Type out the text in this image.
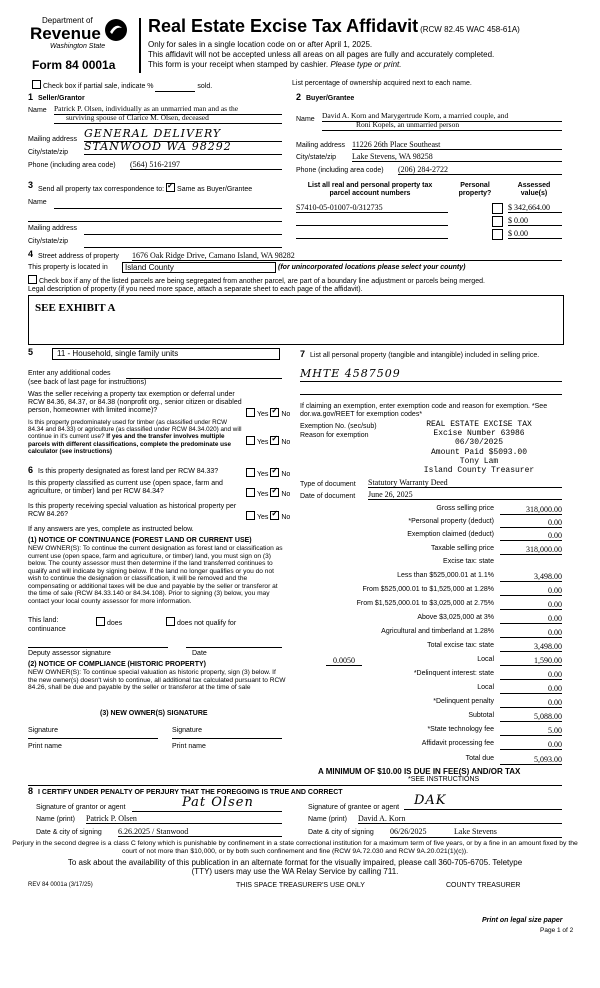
Department of
Revenue
Washington State
Form 84 0001a
Real Estate Excise Tax Affidavit (RCW 82.45 WAC 458-61A)
Only for sales in a single location code on or after April 1, 2025.
This affidavit will not be accepted unless all areas on all pages are fully and accurately completed.
This form is your receipt when stamped by cashier. Please type or print.
Check box if partial sale, indicate %	sold.	List percentage of ownership acquired next to each name.
1 Seller/Grantor
Name Patrick P. Olsen, individually as an unmarried man and as the
surviving spouse of Clarice M. Olsen, deceased
Mailing address GENERAL DELIVERY
City/state/zip STANWOOD WA 98292
Phone (including area code) (564) 516-2197
2 Buyer/Grantee
Name David A. Korn and Marygertrude Korn, a married couple, and
Roni Kopels, an unmarried person
Mailing address 11226 26th Place Southeast
City/state/zip Lake Stevens, WA 98258
Phone (including area code) (206) 284-2722
3 Send all property tax correspondence to: ✓ Same as Buyer/Grantee
Name
Mailing address
City/state/zip
List all real and personal property tax parcel account numbers
Personal property?
Assessed value(s)
S7410-05-01007-0/312735	$ 342,664.00
$ 0.00
$ 0.00
4 Street address of property 1676 Oak Ridge Drive, Camano Island, WA 98282
This property is located in	Island County	(for unincorporated locations please select your county)
Check box if any of the listed parcels are being segregated from another parcel, are part of a boundary line adjustment or parcels being merged.
Legal description of property (if you need more space, attach a separate sheet to each page of the affidavit).
SEE EXHIBIT A
5	11 - Household, single family units
Enter any additional codes
(see back of last page for instructions)
Was the seller receiving a property tax exemption or deferral under RCW 84.36, 84.37, or 84.38 (nonprofit org., senior citizen or disabled person, homeowner with limited income)?
Yes ✓ No
Is this property predominately used for timber (as classified under RCW 84.34 and 84.33) or agriculture (as classified under RCW 84.34.020) and will continue in it's current use? If yes and the transfer involves multiple parcels with different classifications, complete the predominate use calculator (see instructions)
Yes ✓ No
6 Is this property designated as forest land per RCW 84.33?	Yes ✓ No
Is this property classified as current use (open space, farm and agriculture, or timber) land per RCW 84.34?	Yes ✓ No
Is this property receiving special valuation as historical property per RCW 84.26?	Yes ✓ No
If any answers are yes, complete as instructed below.
(1) NOTICE OF CONTINUANCE (FOREST LAND OR CURRENT USE)
NEW OWNER(S): To continue the current designation as forest land or classification as current use (open space, farm and agriculture, or timber) land, you must sign on (3) below. The county assessor must then determine if the land transferred continues to qualify and will indicate by signing below. If the land no longer qualifies or you do not wish to continue the designation or classification, it will be removed and the compensating or additional taxes will be due and payable by the seller or transferor at the time of sale (RCW 84.33.140 or 84.34.108). Prior to signing (3) below, you may contact your local county assessor for more information.
This land:	does	does not qualify for
continuance
Deputy assessor signature	Date
(2) NOTICE OF COMPLIANCE (HISTORIC PROPERTY)
NEW OWNER(S): To continue special valuation as historic property, sign (3) below. If the new owner(s) doesn't wish to continue, all additional tax calculated pursuant to RCW 84.26, shall be due and payable by the seller or transferor at the time of sale
(3) NEW OWNER(S) SIGNATURE
Signature	Signature
Print name	Print name
7 List all personal property (tangible and intangible) included in selling price.
MHTE 4587509
If claiming an exemption, enter exemption code and reason for exemption. *See dor.wa.gov/REET for exemption codes*
Exemption No. (sec/sub)
Reason for exemption
REAL ESTATE EXCISE TAX
Excise Number 63986
06/30/2025
Amount Paid $5093.00
Tony Lam
Island County Treasurer
Type of document Statutory Warranty Deed
Date of document June 26, 2025
Gross selling price	318,000.00
*Personal property (deduct)	0.00
Exemption claimed (deduct)	0.00
Taxable selling price	318,000.00
Excise tax: state
Less than $525,000.01 at 1.1%	3,498.00
From $525,000.01 to $1,525,000 at 1.28%	0.00
From $1,525,000.01 to $3,025,000 at 2.75%	0.00
Above $3,025,000 at 3%	0.00
Agricultural and timberland at 1.28%	0.00
Total excise tax: state	3,498.00
0.0050	Local	1,590.00
*Delinquent interest: state	0.00
Local	0.00
*Delinquent penalty	0.00
Subtotal	5,088.00
*State technology fee	5.00
Affidavit processing fee	0.00
Total due	5,093.00
A MINIMUM OF $10.00 IS DUE IN FEE(S) AND/OR TAX
*SEE INSTRUCTIONS
8 I CERTIFY UNDER PENALTY OF PERJURY THAT THE FOREGOING IS TRUE AND CORRECT
Signature of grantor or agent	Pat Olsen
Name (print) Patrick P. Olsen
Date & city of signing 6.26.2025 / Stanwood
Signature of grantee or agent	DAK
Name (print) David A. Korn
Date & city of signing 06/26/2025	Lake Stevens
Perjury in the second degree is a class C felony which is punishable by confinement in a state correctional institution for a maximum term of five years, or by a fine in an amount fixed by the court of not more than $10,000, or by both such confinement and fine (RCW 9A.72.030 and RCW 9A.20.021(1)(c)).
To ask about the availability of this publication in an alternate format for the visually impaired, please call 360-705-6705. Teletype
(TTY) users may use the WA Relay Service by calling 711.
REV 84 0001a (3/17/25)	THIS SPACE TREASURER'S USE ONLY	COUNTY TREASURER
Print on legal size paper
Page 1 of 2
